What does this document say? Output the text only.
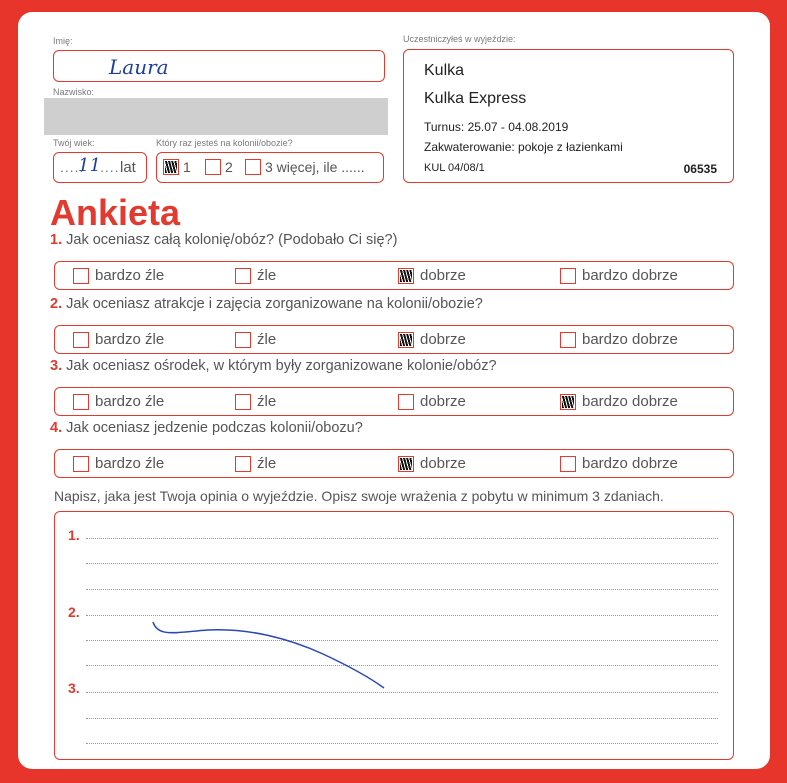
Imię:
Laura
Nazwisko:
Twój wiek:
.....
11 .....
lat
Który raz jesteś na kolonii/obozie?
1 2 3 więcej, ile ......
Uczestniczyłeś w wyjeździe:
Kulka
Kulka Express
Turnus: 25.07 - 04.08.2019
Zakwaterowanie: pokoje z łazienkami
KUL 04/08/1	06535
Ankieta
1. Jak oceniasz całą kolonię/obóz? (Podobało Ci się?)
bardzo źle	źle	dobrze	bardzo dobrze
2. Jak oceniasz atrakcje i zajęcia zorganizowane na kolonii/obozie?
bardzo źle	źle	dobrze	bardzo dobrze
3. Jak oceniasz ośrodek, w którym były zorganizowane kolonie/obóz?
bardzo źle	źle	dobrze	bardzo dobrze
4. Jak oceniasz jedzenie podczas kolonii/obozu?
bardzo źle	źle	dobrze	bardzo dobrze
Napisz, jaka jest Twoja opinia o wyjeździe. Opisz swoje wrażenia z pobytu w minimum 3 zdaniach.
1.
2.
3.
